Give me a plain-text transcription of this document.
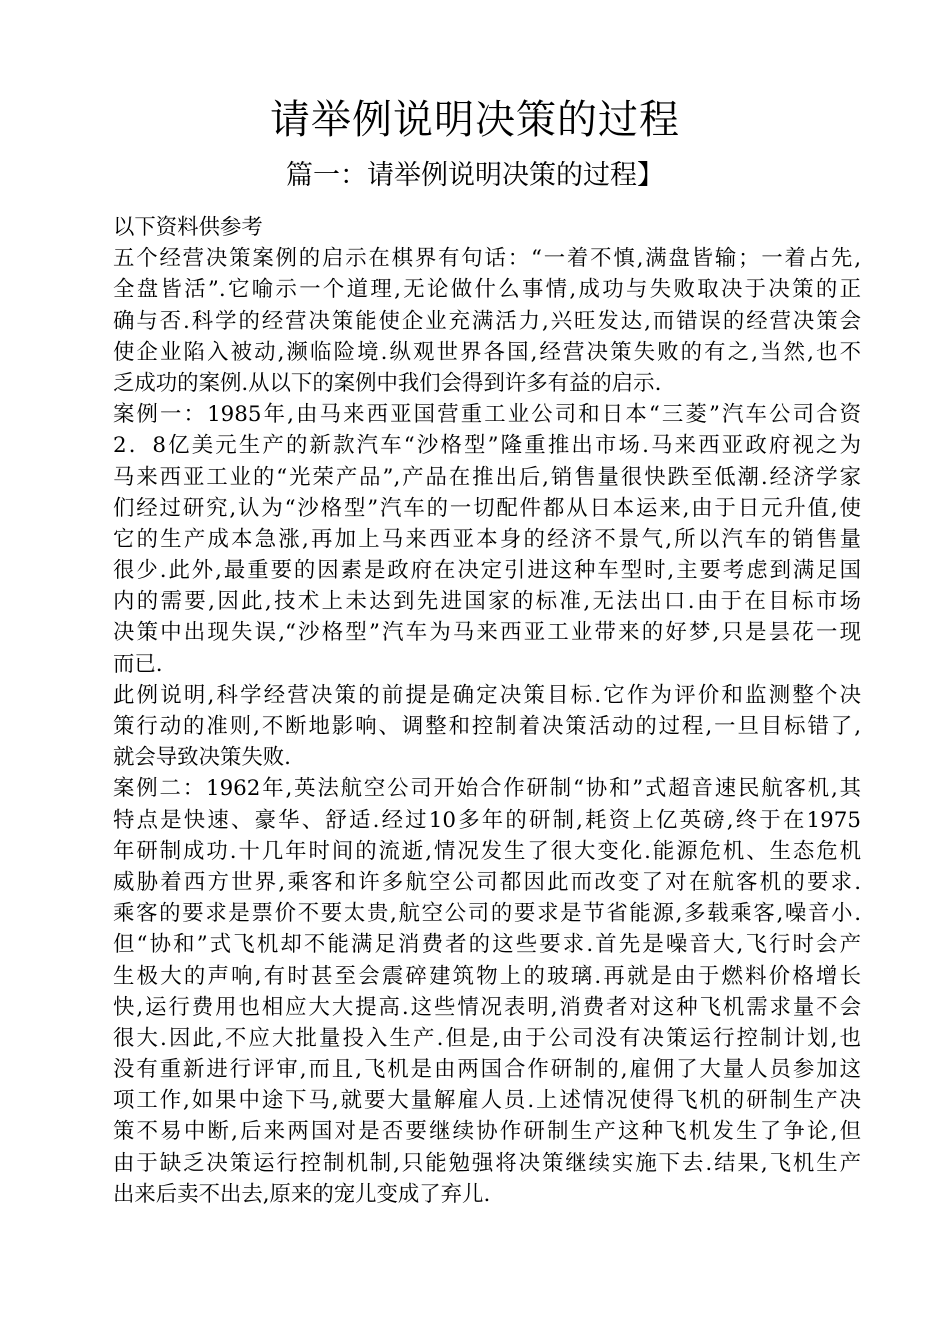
请举例说明决策的过程
篇一：请举例说明决策的过程】
以下资料供参考
五个经营决策案例的启示在棋界有句话：“一着不慎,满盘皆输；一着占先,
全盘皆活”.它喻示一个道理,无论做什么事情,成功与失败取决于决策的正
确与否.科学的经营决策能使企业充满活力,兴旺发达,而错误的经营决策会
使企业陷入被动,濒临险境.纵观世界各国,经营决策失败的有之,当然,也不
乏成功的案例.从以下的案例中我们会得到许多有益的启示.
案例一：1985年,由马来西亚国营重工业公司和日本“三菱”汽车公司合资
2．8亿美元生产的新款汽车“沙格型”隆重推出市场.马来西亚政府视之为
马来西亚工业的“光荣产品”,产品在推出后,销售量很快跌至低潮.经济学家
们经过研究,认为“沙格型”汽车的一切配件都从日本运来,由于日元升值,使
它的生产成本急涨,再加上马来西亚本身的经济不景气,所以汽车的销售量
很少.此外,最重要的因素是政府在决定引进这种车型时,主要考虑到满足国
内的需要,因此,技术上未达到先进国家的标准,无法出口.由于在目标市场
决策中出现失误,“沙格型”汽车为马来西亚工业带来的好梦,只是昙花一现
而已.
此例说明,科学经营决策的前提是确定决策目标.它作为评价和监测整个决
策行动的准则,不断地影响、调整和控制着决策活动的过程,一旦目标错了,
就会导致决策失败.
案例二：1962年,英法航空公司开始合作研制“协和”式超音速民航客机,其
特点是快速、豪华、舒适.经过10多年的研制,耗资上亿英磅,终于在1975
年研制成功.十几年时间的流逝,情况发生了很大变化.能源危机、生态危机
威胁着西方世界,乘客和许多航空公司都因此而改变了对在航客机的要求.
乘客的要求是票价不要太贵,航空公司的要求是节省能源,多载乘客,噪音小.
但“协和”式飞机却不能满足消费者的这些要求.首先是噪音大,飞行时会产
生极大的声响,有时甚至会震碎建筑物上的玻璃.再就是由于燃料价格增长
快,运行费用也相应大大提高.这些情况表明,消费者对这种飞机需求量不会
很大.因此,不应大批量投入生产.但是,由于公司没有决策运行控制计划,也
没有重新进行评审,而且,飞机是由两国合作研制的,雇佣了大量人员参加这
项工作,如果中途下马,就要大量解雇人员.上述情况使得飞机的研制生产决
策不易中断,后来两国对是否要继续协作研制生产这种飞机发生了争论,但
由于缺乏决策运行控制机制,只能勉强将决策继续实施下去.结果,飞机生产
出来后卖不出去,原来的宠儿变成了弃儿.
